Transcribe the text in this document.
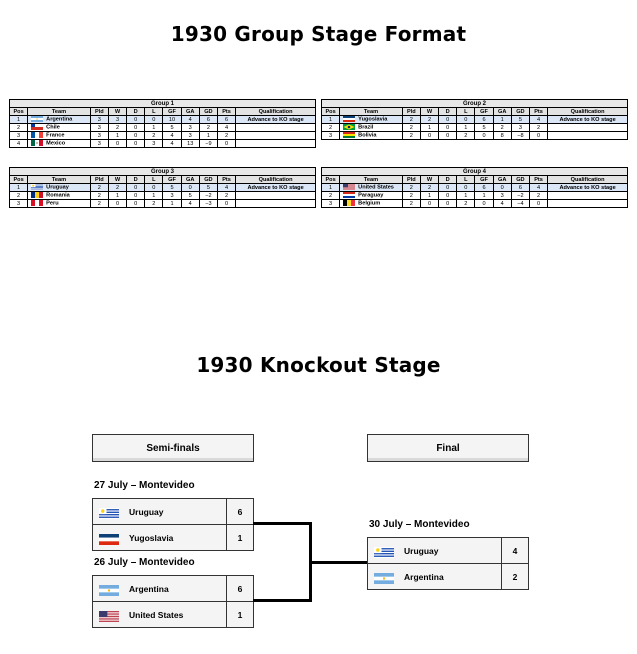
1930 Group Stage Format
Group 1										
Pos	Team	Pld	W	D	L	GF	GA	GD	Pts	Qualification
1	Argentina	3	3	0	0	10	4	6	6	Advance to KO stage
2	Chile	3	2	0	1	5	3	2	4	
3	France	3	1	0	2	4	3	1	2	
4	Mexico	3	0	0	3	4	13	−9	0	
Group 2										
Pos	Team	Pld	W	D	L	GF	GA	GD	Pts	Qualification
1	Yugoslavia	2	2	0	0	6	1	5	4	Advance to KO stage
2	Brazil	2	1	0	1	5	2	3	2	
3	Bolivia	2	0	0	2	0	8	−8	0	
Group 3										
Pos	Team	Pld	W	D	L	GF	GA	GD	Pts	Qualification
1	Uruguay	2	2	0	0	5	0	5	4	Advance to KO stage
2	Romania	2	1	0	1	3	5	−2	2	
3	Peru	2	0	0	2	1	4	−3	0	
Group 4										
Pos	Team	Pld	W	D	L	GF	GA	GD	Pts	Qualification
1	United States	2	2	0	0	6	0	6	4	Advance to KO stage
2	Paraguay	2	1	0	1	1	3	−2	2	
3	Belgium	2	0	0	2	0	4	−4	0	
1930 Knockout Stage
Semi-finals	Final
27 July – Montevideo
Uruguay	6
Yugoslavia	1
26 July – Montevideo
Argentina	6
United States	1
30 July – Montevideo
Uruguay	4
Argentina	2
